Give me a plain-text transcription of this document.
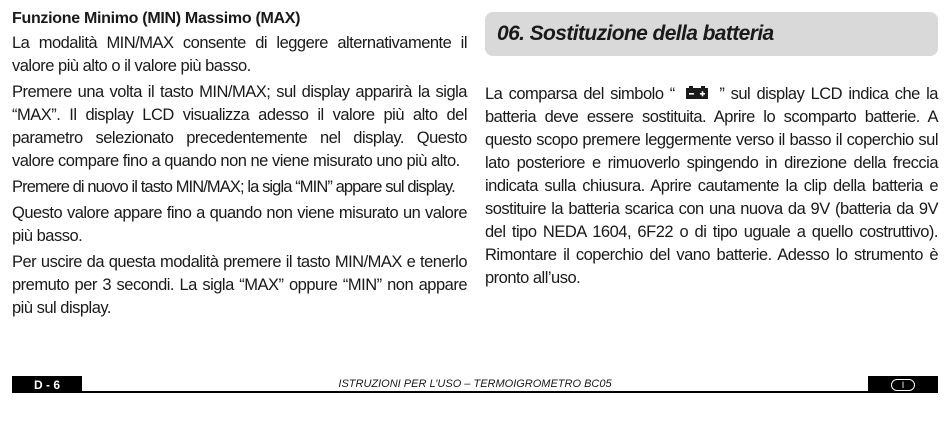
Funzione Minimo (MIN) Massimo (MAX)

La modalità MIN/MAX consente di leggere alternativamente il valore più alto o il valore più basso.

Premere una volta il tasto MIN/MAX; sul display apparirà la sigla “MAX”. Il display LCD visualizza adesso il valore più alto del parametro selezionato precedentemente nel display. Questo valore compare fino a quando non ne viene misurato uno più alto.

Premere di nuovo il tasto MIN/MAX; la sigla “MIN” appare sul display.

Questo valore appare fino a quando non viene misurato un valore più basso.

Per uscire da questa modalità premere il tasto MIN/MAX e tenerlo premuto per 3 secondi. La sigla “MAX” oppure “MIN” non appare più sul display.

06. Sostituzione della batteria

La comparsa del simbolo “	” sul display LCD indica che la batteria deve essere sostituita. Aprire lo scomparto batterie. A questo scopo premere leggermente verso il basso il coperchio sul lato posteriore e rimuoverlo spingendo in direzione della freccia indicata sulla chiusura. Aprire cautamente la clip della batteria e sostituire la batteria scarica con una nuova da 9V (batteria da 9V del tipo NEDA 1604, 6F22 o di tipo uguale a quello costruttivo). Rimontare il coperchio del vano batterie. Adesso lo strumento è pronto all’uso.

D - 6	ISTRUZIONI PER L’USO – TERMOIGROMETRO BC05	I
